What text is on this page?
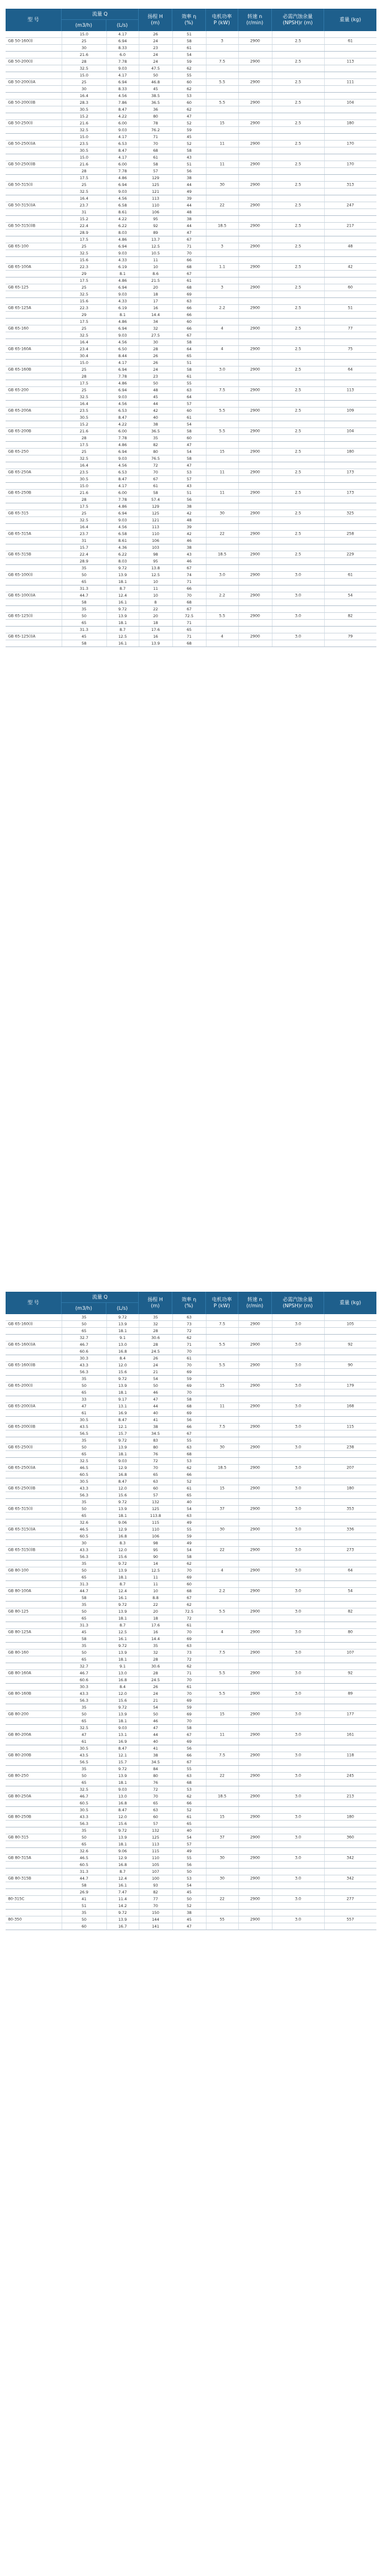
型 号
流量 Q
(m3/h)	(L/s)
扬程 H (m)
效率 η (%)
电机功率 P (kW)
转速 n (r/min)
必需汽蚀余量 (NPSH)r (m)
重量 (kg)
15.0	4.17	26	51
25	6.94	24	58
30	8.33	23	61
GB 50-160(I)	3	2900	2.5	61
21.6	6.0	24	54
28	7.78	24	59
32.5	9.03	47.5	62
GB 50-200(I)	7.5	2900	2.5	113
15.0	4.17	50	55
25	6.94	46.8	60
30	8.33	45	62
GB 50-200(I)A	5.5	2900	2.5	111
16.4	4.56	38.5	53
28.3	7.86	36.5	60
30.5	8.47	36	62
GB 50-200(I)B	5.5	2900	2.5	104
15.2	4.22	80	47
21.6	6.00	78	52
32.5	9.03	76.2	59
GB 50-250(I)	15	2900	2.5	180
15.0	4.17	71	45
23.5	6.53	70	52
30.5	8.47	68	58
GB 50-250(I)A	11	2900	2.5	170
15.0	4.17	61	43
21.6	6.00	58	51
28	7.78	57	56
GB 50-250(I)B	11	2900	2.5	170
17.5	4.86	129	38
25	6.94	125	44
32.5	9.03	121	49
GB 50-315(I)	30	2900	2.5	313
16.4	4.56	113	39
23.7	6.58	110	44
31	8.61	106	48
GB 50-315(I)A	22	2900	2.5	247
15.2	4.22	95	38
22.4	6.22	92	44
28.9	8.03	89	47
GB 50-315(I)B	18.5	2900	2.5	217
17.5	4.86	13.7	67
25	6.94	12.5	71
32.5	9.03	10.5	70
GB 65-100	3	2900	2.5	48
15.6	4.33	11	66
22.3	6.19	10	68
29	8.1	8.6	67
GB 65-100A	1.1	2900	2.5	42
17.5	4.86	21.5	61
25	6.94	20	68
32.5	9.03	18	69
GB 65-125	3	2900	2.5	60
15.6	4.33	17	63
22.3	6.19	16	66
29	8.1	14.4	66
GB 65-125A	2.2	2900	2.5	51
17.5	4.86	34	60
25	6.94	32	66
32.5	9.03	27.5	67
GB 65-160	4	2900	2.5	77
16.4	4.56	30	58
23.4	6.50	28	64
30.4	8.44	26	65
GB 65-160A	4	2900	2.5	75
15.0	4.17	26	51
25	6.94	24	58
28	7.78	23	61
GB 65-160B	3.0	2900	2.5	64
17.5	4.86	50	55
25	6.94	48	63
32.5	9.03	45	64
GB 65-200	7.5	2900	2.5	113
16.4	4.56	44	57
23.5	6.53	42	60
30.5	8.47	40	61
GB 65-200A	5.5	2900	2.5	109
15.2	4.22	38	54
21.6	6.00	36.5	58
28	7.78	35	60
GB 65-200B	5.5	2900	2.5	104
17.5	4.86	82	47
25	6.94	80	54
32.5	9.03	76.5	58
GB 65-250	15	2900	2.5	180
16.4	4.56	72	47
23.5	6.53	70	53
30.5	8.47	67	57
GB 65-250A	11	2900	2.5	173
15.0	4.17	61	43
21.6	6.00	58	51
28	7.78	57.4	56
GB 65-250B	11	2900	2.5	173
17.5	4.86	129	38
25	6.94	125	42
32.5	9.03	121	48
GB 65-315	30	2900	2.5	325
16.4	4.56	113	39
23.7	6.58	110	42
31	8.61	106	46
GB 65-315A	22	2900	2.5	258
15.7	4.36	103	38
22.4	6.22	98	43
28.9	8.03	95	46
GB 65-315B	18.5	2900	2.5	229
35	9.72	13.8	67
50	13.9	12.5	74
65	18.1	10	71
GB 65-100(I)	3.0	2900	3.0	61
31.3	8.7	11	66
44.7	12.4	10	70
58	16.1	8	68
GB 65-100(I)A	2.2	2900	3.0	54
35	9.72	22	67
50	13.9	20	72.5
65	18.1	18	71
GB 65-125(I)	5.5	2900	3.0	82
31.3	8.7	17.6	65
45	12.5	16	71
58	16.1	13.9	68
GB 65-125(I)A	4	2900	3.0	79
型 号
流量 Q
(m3/h)	(L/s)
扬程 H (m)
效率 η (%)
电机功率 P (kW)
转速 n (r/min)
必需汽蚀余量 (NPSH)r (m)
重量 (kg)
35	9.72	35	63
50	13.9	32	73
65	18.1	28	72
GB 65-160(I)	7.5	2900	3.0	105
32.7	9.1	30.6	62
46.7	13.0	28	71
60.6	16.8	24.5	70
GB 65-160(I)A	5.5	2900	3.0	92
30.3	8.4	26	61
43.3	12.0	24	70
56.3	15.6	21	69
GB 65-160(I)B	5.5	2900	3.0	90
35	9.72	54	59
50	13.9	50	69
65	18.1	46	70
GB 65-200(I)	15	2900	3.0	179
33	9.17	47	58
47	13.1	44	68
61	16.9	40	69
GB 65-200(I)A	11	2900	3.0	168
30.5	8.47	41	56
43.5	12.1	38	66
56.5	15.7	34.5	67
GB 65-200(I)B	7.5	2900	3.0	115
35	9.72	83	55
50	13.9	80	63
65	18.1	76	68
GB 65-250(I)	30	2900	3.0	238
32.5	9.03	72	53
46.5	12.9	70	62
60.5	16.8	65	66
GB 65-250(I)A	18.5	2900	3.0	207
30.5	8.47	63	52
43.3	12.0	60	61
56.3	15.6	57	65
GB 65-250(I)B	15	2900	3.0	180
35	9.72	132	40
50	13.9	125	54
65	18.1	113.8	63
GB 65-315(I)	37	2900	3.0	353
32.6	9.06	115	49
46.5	12.9	110	55
60.5	16.8	106	59
GB 65-315(I)A	30	2900	3.0	336
30	8.3	98	49
43.3	12.0	95	54
56.3	15.6	90	58
GB 65-315(I)B	22	2900	3.0	273
35	9.72	14	62
50	13.9	12.5	70
65	18.1	11	69
GB 80-100	4	2900	3.0	64
31.3	8.7	11	60
44.7	12.4	10	68
58	16.1	8.8	67
GB 80-100A	2.2	2900	3.0	54
35	9.72	22	62
50	13.9	20	72.5
65	18.1	18	72
GB 80-125	5.5	2900	3.0	82
31.3	8.7	17.6	61
45	12.5	16	70
58	16.1	14.4	69
GB 80-125A	4	2900	3.0	80
35	9.72	35	63
50	13.9	32	73
65	18.1	28	72
GB 80-160	7.5	2900	3.0	107
32.7	9.1	30.6	62
46.7	13.0	28	71
60.6	16.8	24.5	70
GB 80-160A	5.5	2900	3.0	92
30.3	8.4	26	61
43.3	12.0	24	70
56.3	15.6	21	69
GB 80-160B	5.5	2900	3.0	89
35	9.72	54	59
50	13.9	50	69
65	18.1	46	70
GB 80-200	15	2900	3.0	177
32.5	9.03	47	58
47	13.1	44	67
61	16.9	40	69
GB 80-200A	11	2900	3.0	161
30.5	8.47	41	56
43.5	12.1	38	66
56.5	15.7	34.5	67
GB 80-200B	7.5	2900	3.0	118
35	9.72	84	55
50	13.9	80	63
65	18.1	76	68
GB 80-250	22	2900	3.0	245
32.5	9.03	72	53
46.7	13.0	70	62
60.5	16.8	65	66
GB 80-250A	18.5	2900	3.0	213
30.5	8.47	63	52
43.3	12.0	60	61
56.3	15.6	57	65
GB 80-250B	15	2900	3.0	180
35	9.72	132	40
50	13.9	125	54
65	18.1	113	57
GB 80-315	37	2900	3.0	360
32.6	9.06	115	49
46.5	12.9	110	55
60.5	16.8	105	56
GB 80-315A	30	2900	3.0	342
31.3	8.7	107	50
44.7	12.4	100	53
58	16.1	93	54
GB 80-315B	30	2900	3.0	342
26.9	7.47	82	45
41	11.4	77	50
51	14.2	70	52
80-315C	22	2900	3.0	277
35	9.72	150	38
50	13.9	144	45
60	16.7	141	47
80-350	55	2900	3.0	557
